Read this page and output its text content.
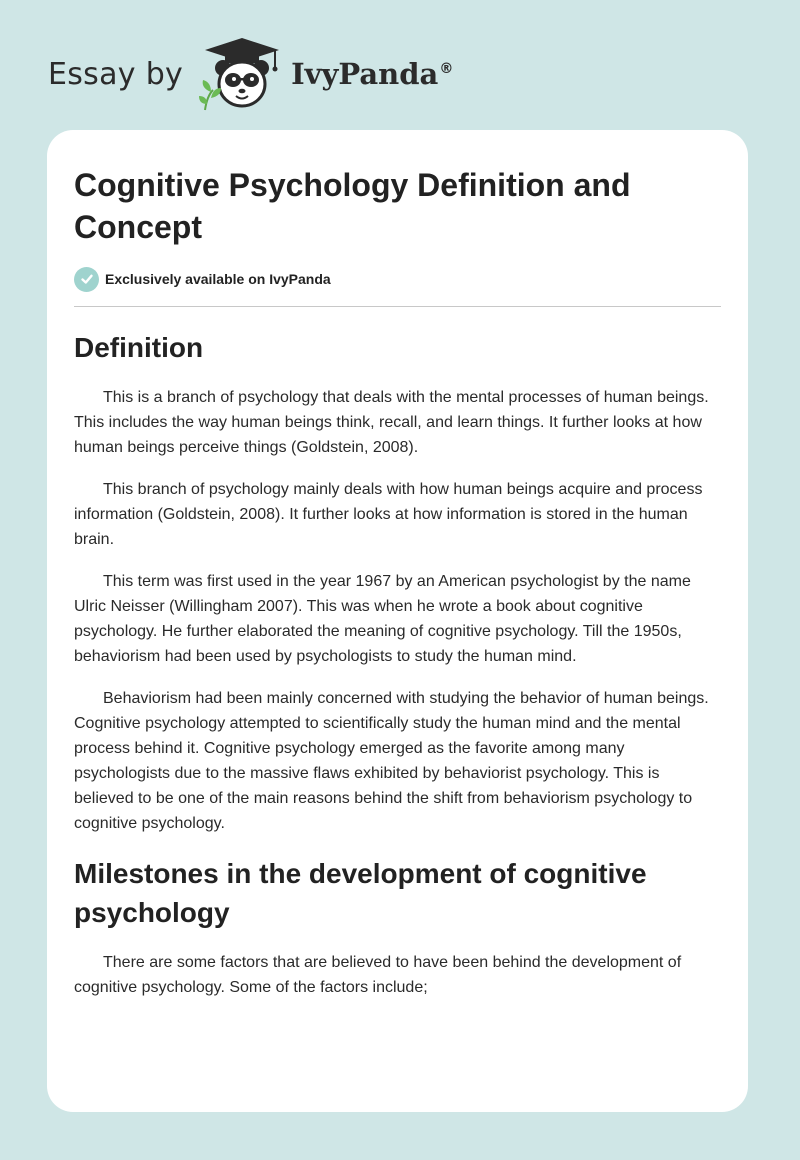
Essay by	IvyPanda®
Cognitive Psychology Definition and Concept
Exclusively available on IvyPanda
Definition

This is a branch of psychology that deals with the mental processes of human beings. This includes the way human beings think, recall, and learn things. It further looks at how human beings perceive things (Goldstein, 2008).

This branch of psychology mainly deals with how human beings acquire and process information (Goldstein, 2008). It further looks at how information is stored in the human brain.

This term was first used in the year 1967 by an American psychologist by the name Ulric Neisser (Willingham 2007). This was when he wrote a book about cognitive psychology. He further elaborated the meaning of cognitive psychology. Till the 1950s, behaviorism had been used by psychologists to study the human mind.

Behaviorism had been mainly concerned with studying the behavior of human beings. Cognitive psychology attempted to scientifically study the human mind and the mental process behind it. Cognitive psychology emerged as the favorite among many psychologists due to the massive flaws exhibited by behaviorist psychology. This is believed to be one of the main reasons behind the shift from behaviorism psychology to cognitive psychology.

Milestones in the development of cognitive psychology

There are some factors that are believed to have been behind the development of cognitive psychology. Some of the factors include;
